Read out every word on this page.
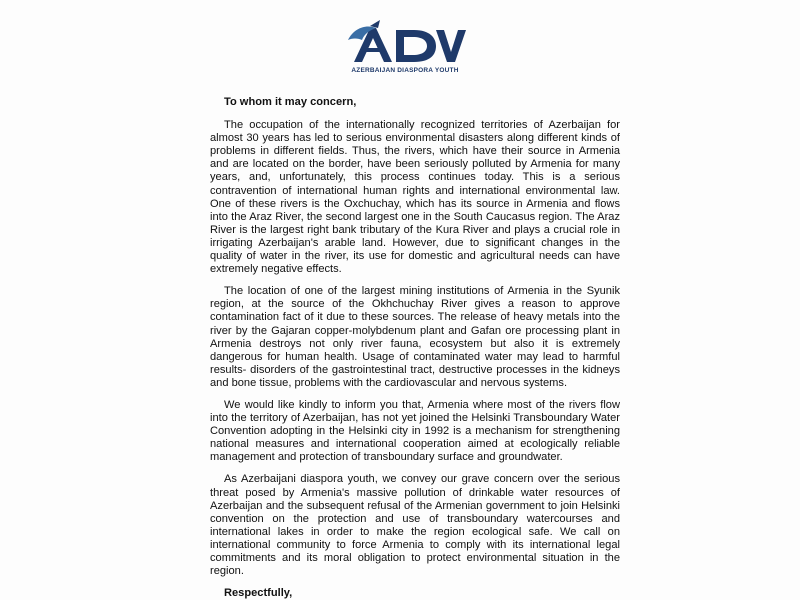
AZERBAIJAN DIASPORA YOUTH

To whom it may concern,

The occupation of the internationally recognized territories of Azerbaijan for almost 30 years has led to serious environmental disasters along different kinds of problems in different fields. Thus, the rivers, which have their source in Armenia and are located on the border, have been seriously polluted by Armenia for many years, and, unfortunately, this process continues today. This is a serious contravention of international human rights and international environmental law. One of these rivers is the Oxchuchay, which has its source in Armenia and flows into the Araz River, the second largest one in the South Caucasus region. The Araz River is the largest right bank tributary of the Kura River and plays a crucial role in irrigating Azerbaijan's arable land. However, due to significant changes in the quality of water in the river, its use for domestic and agricultural needs can have extremely negative effects.

The location of one of the largest mining institutions of Armenia in the Syunik region, at the source of the Okhchuchay River gives a reason to approve contamination fact of it due to these sources. The release of heavy metals into the river by the Gajaran copper-molybdenum plant and Gafan ore processing plant in Armenia destroys not only river fauna, ecosystem but also it is extremely dangerous for human health. Usage of contaminated water may lead to harmful results- disorders of the gastrointestinal tract, destructive processes in the kidneys and bone tissue, problems with the cardiovascular and nervous systems.

We would like kindly to inform you that, Armenia where most of the rivers flow into the territory of Azerbaijan, has not yet joined the Helsinki Transboundary Water Convention adopting in the Helsinki city in 1992 is a mechanism for strengthening national measures and international cooperation aimed at ecologically reliable management and protection of transboundary surface and groundwater.

As Azerbaijani diaspora youth, we convey our grave concern over the serious threat posed by Armenia's massive pollution of drinkable water resources of Azerbaijan and the subsequent refusal of the Armenian government to join Helsinki convention on the protection and use of transboundary watercourses and international lakes in order to make the region ecological safe. We call on international community to force Armenia to comply with its international legal commitments and its moral obligation to protect environmental situation in the region.

Respectfully,
